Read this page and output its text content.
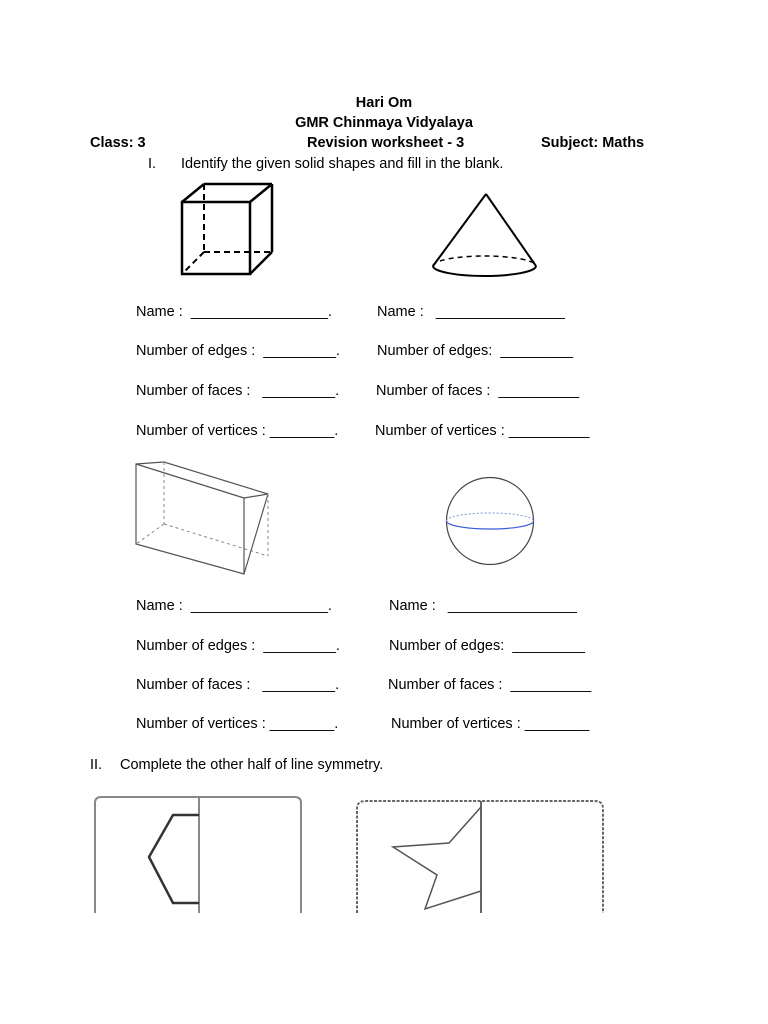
Hari Om
GMR Chinmaya Vidyalaya
Class: 3	Revision worksheet - 3	Subject: Maths
I. Identify the given solid shapes and fill in the blank.
Name :  _________________.
Number of edges :  _________.
Number of faces :   _________.
Number of vertices : ________.
Name :   ________________
Number of edges:  _________
Number of faces :  __________
Number of vertices : __________
Name :  _________________.
Number of edges :  _________.
Number of faces :   _________.
Number of vertices : ________.
Name :   ________________
Number of edges:  _________
Number of faces :  __________
Number of vertices : ________
II. Complete the other half of line symmetry.
